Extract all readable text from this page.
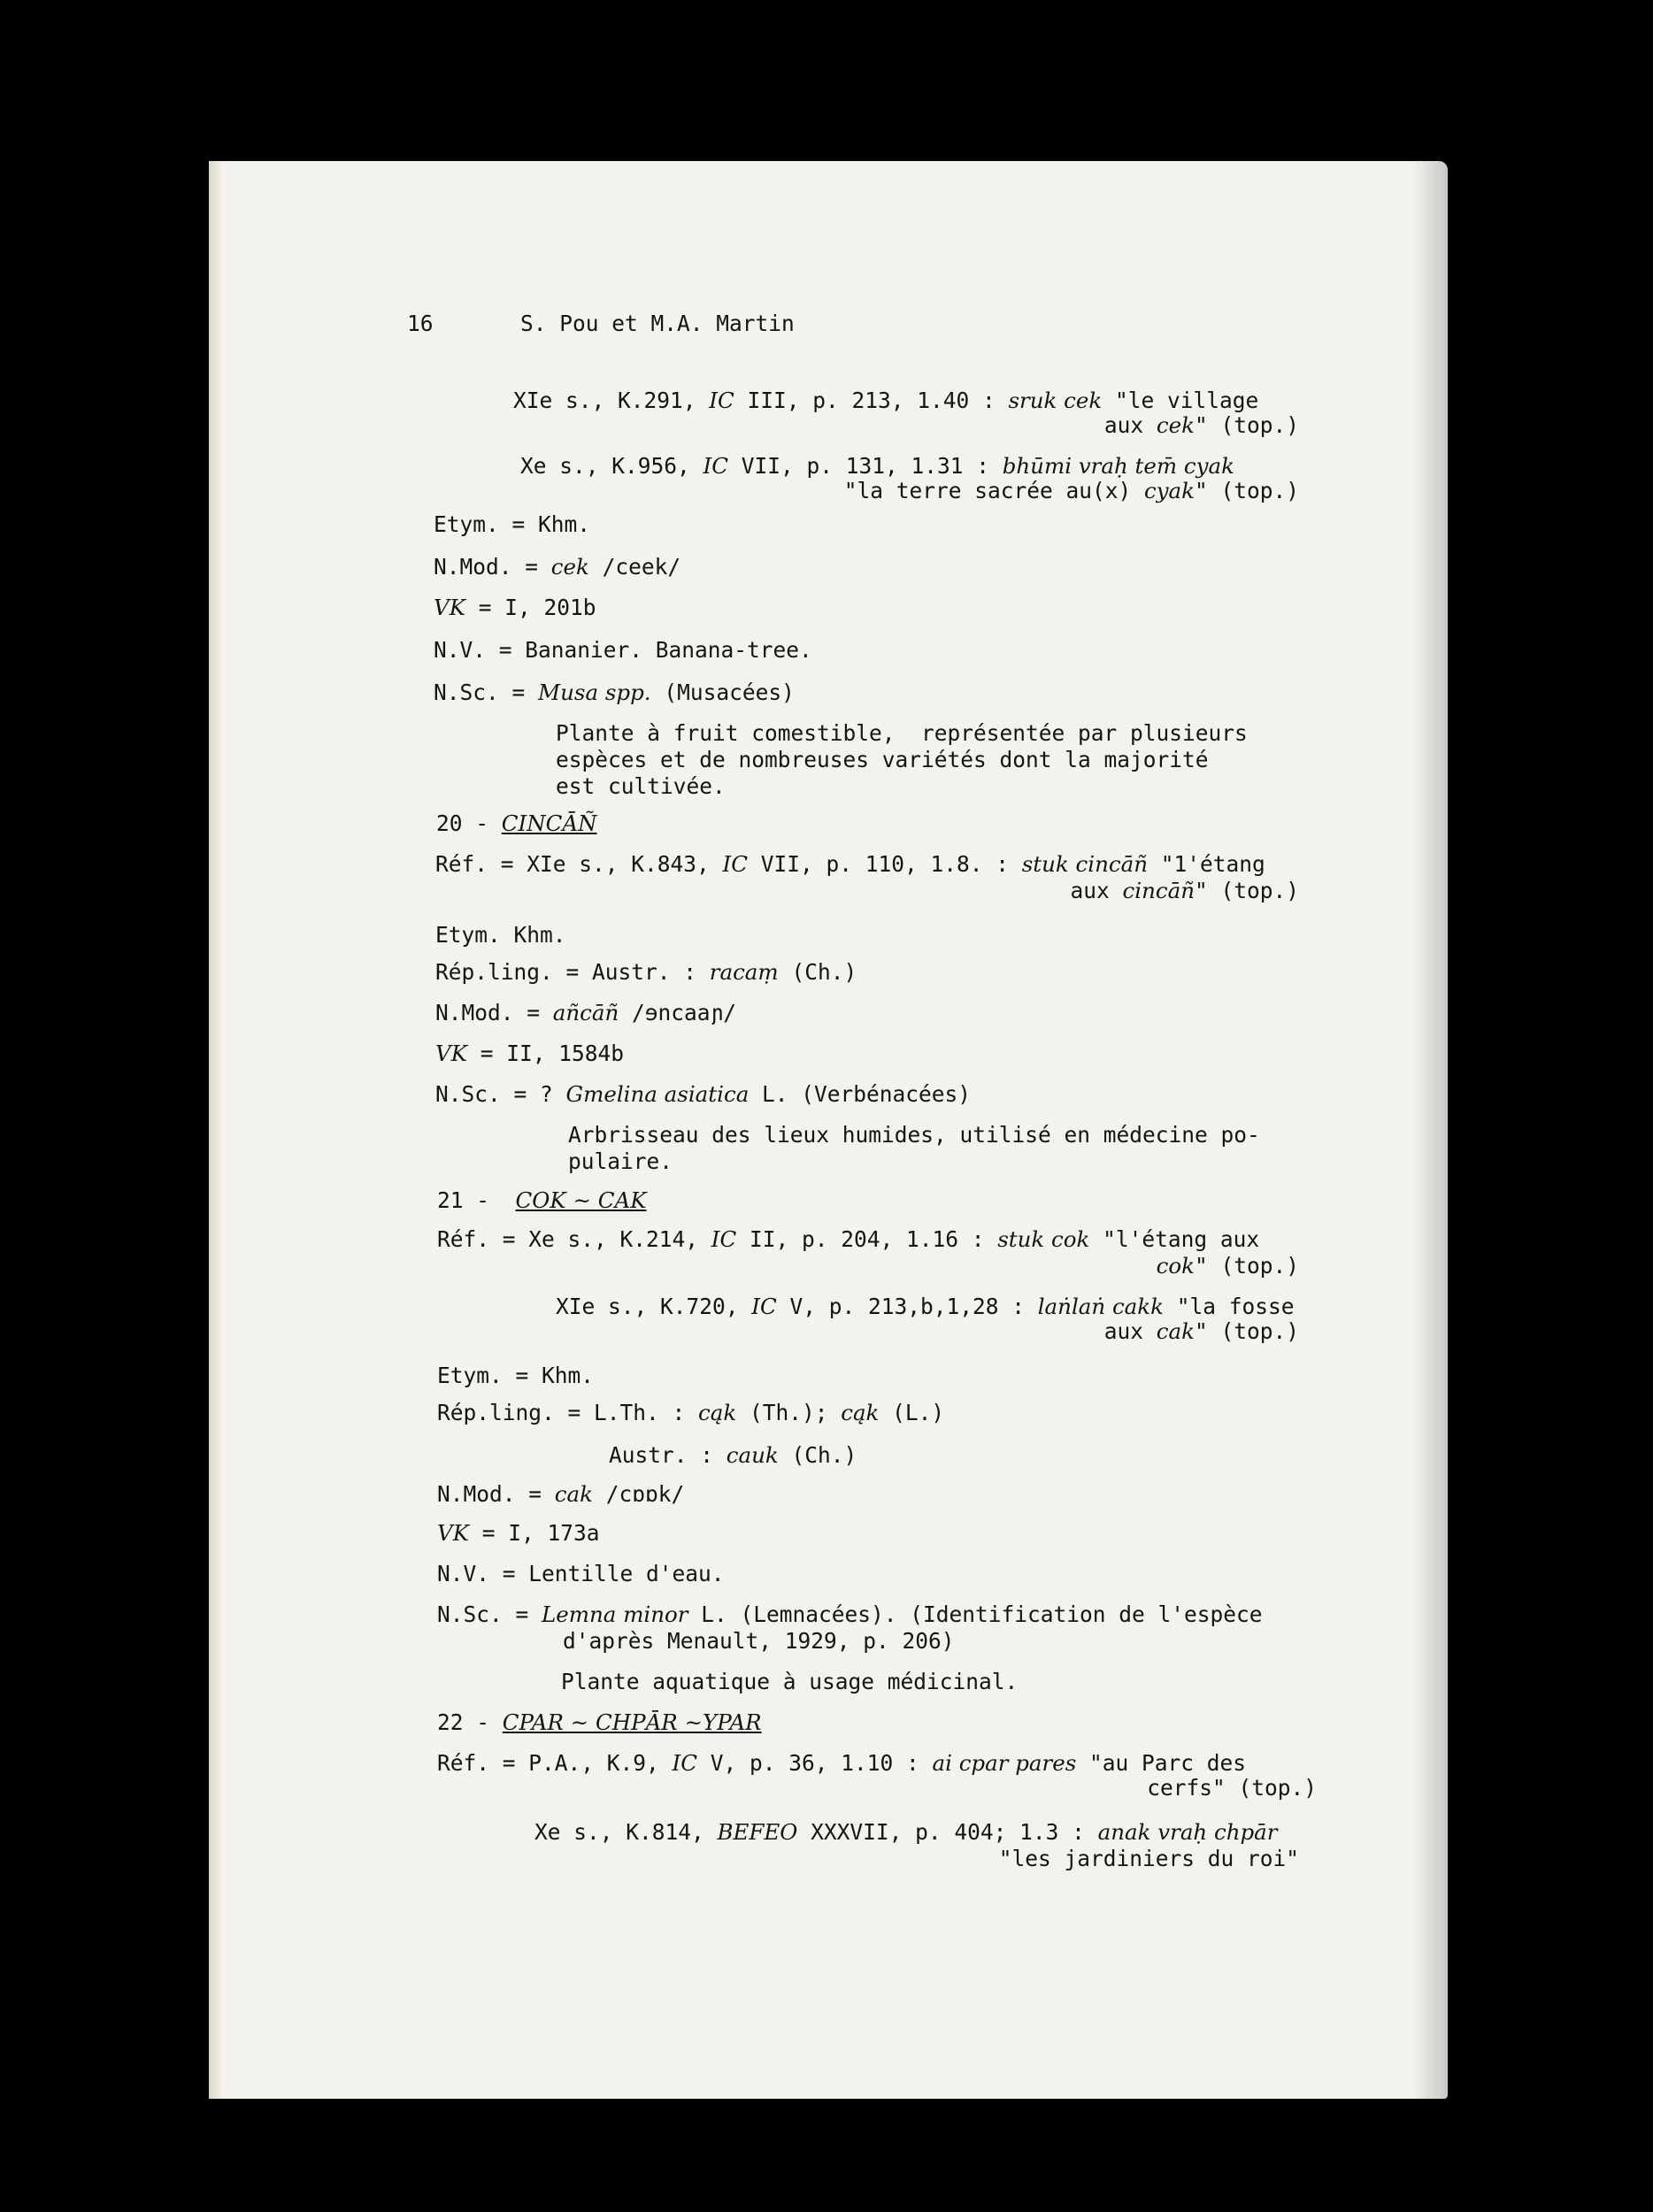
16	S. Pou et M.A. Martin
XIe s., K.291, IC III, p. 213, 1.40 : sruk cek "le village
aux cek" (top.)
Xe s., K.956, IC VII, p. 131, 1.31 : bhūmi vraḥ tem̄ cyak
"la terre sacrée au(x) cyak" (top.)
Etym. = Khm.
N.Mod. = cek /ceek/
VK = I, 201b
N.V. = Bananier. Banana-tree.
N.Sc. = Musa spp. (Musacées)
Plante à fruit comestible,  représentée par plusieurs
espèces et de nombreuses variétés dont la majorité
est cultivée.
20 - CINCĀÑ
Réf. = XIe s., K.843, IC VII, p. 110, 1.8. : stuk cincāñ "1'étang
aux cincāñ" (top.)
Etym. Khm.
Rép.ling. = Austr. : racaṃ (Ch.)
N.Mod. = añcāñ /ɘncaaɲ/
VK = II, 1584b
N.Sc. = ? Gmelina asiatica L. (Verbénacées)
Arbrisseau des lieux humides, utilisé en médecine po-
pulaire.
21 -  COK ~ CAK
Réf. = Xe s., K.214, IC II, p. 204, 1.16 : stuk cok "l'étang aux
cok" (top.)
XIe s., K.720, IC V, p. 213,b,1,28 : laṅlaṅ cakk "la fosse
aux cak" (top.)
Etym. = Khm.
Rép.ling. = L.Th. : cąk (Th.); cąk (L.)
Austr. : cauk (Ch.)
N.Mod. = cak /cɒɒk/
VK = I, 173a
N.V. = Lentille d'eau.
N.Sc. = Lemna minor L. (Lemnacées). (Identification de l'espèce
d'après Menault, 1929, p. 206)
Plante aquatique à usage médicinal.
22 - CPAR ~ CHPĀR ~YPAR
Réf. = P.A., K.9, IC V, p. 36, 1.10 : ai cpar pares "au Parc des
cerfs" (top.)
Xe s., K.814, BEFEO XXXVII, p. 404; 1.3 : anak vraḥ chpār
"les jardiniers du roi"
